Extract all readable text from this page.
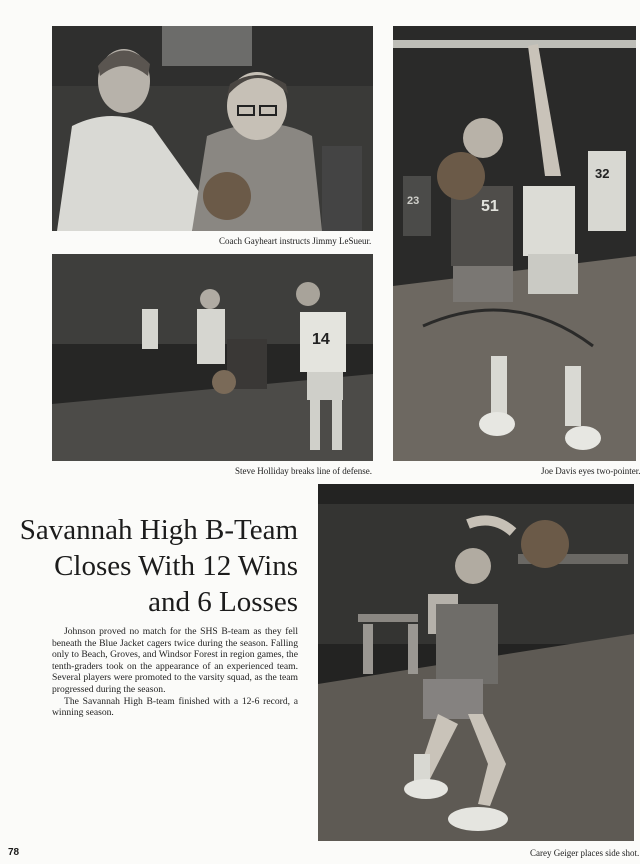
Coach Gayheart instructs Jimmy LeSueur.
14
Steve Holliday breaks line of defense.
23
32
51
Joe Davis eyes two-pointer.
Savannah High B-Team
Closes With 12 Wins
and 6 Losses

Johnson proved no match for the SHS B-team as they fell beneath the Blue Jacket cagers twice during the season. Falling only to Beach, Groves, and Windsor Forest in region games, the tenth-graders took on the appearance of an experienced team. Several players were promoted to the varsity squad, as the team progressed during the season.

The Savannah High B-team finished with a 12-6 record, a winning season.

Carey Geiger places side shot.
78
